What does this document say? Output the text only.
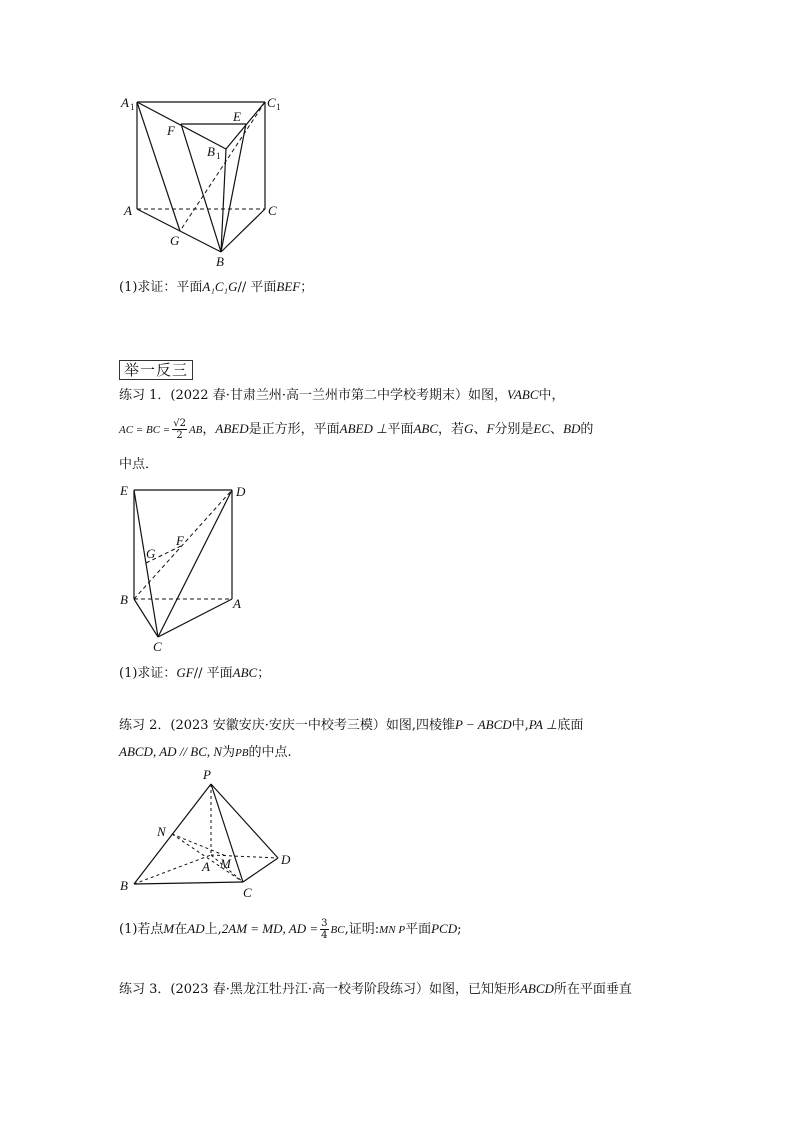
A 1	C 1
E
F
B 1
A	C
G
B
(1)求证：平面A₁C₁G// 平面BEF；
举一反三
练习 1．(2022 春·甘肃兰州·高一兰州市第二中学校考期末）如图，VABC中，
AC = BC = $\frac{√2}{2}$ AB，ABED是正方形，平面ABED ⊥平面ABC，若G、F分别是EC、BD的
中点．
E	D
G
F
B	A
C
(1)求证：GF// 平面ABC；
练习 2．(2023 安徽安庆·安庆一中校考三模）如图,四棱锥P − ABCD中,PA ⊥底面
ABCD, AD // BC, N为PB的中点.
P
N
A M	D
B	C
(1)若点M在AD上,2AM = MD, AD = $\frac{3}{4}$ BC,证明:MN P平面PCD;
练习 3．(2023 春·黑龙江牡丹江·高一校考阶段练习）如图，已知矩形ABCD所在平面垂直
